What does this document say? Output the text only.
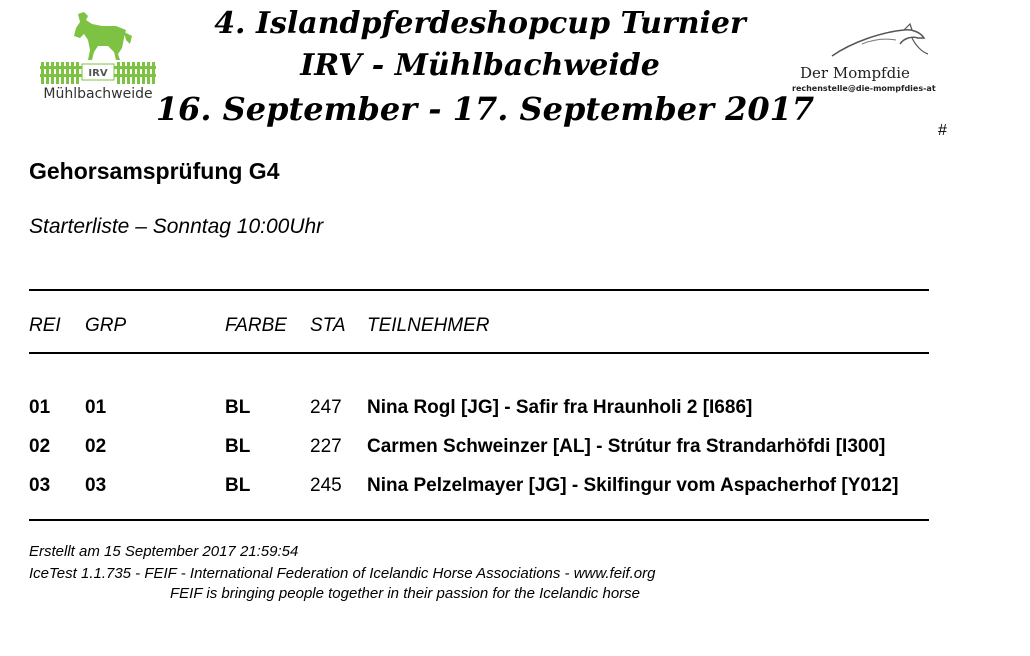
IRV
Mühlbachweide
4. Islandpferdeshopcup Turnier
IRV - Mühlbachweide
16. September - 17. September 2017
Der Mompfdie
rechenstelle@die-mompfdies-at
#
Gehorsamsprüfung G4
Starterliste – Sonntag 10:00Uhr
REI GRP	FARBE STA TEILNEHMER
01 01	BL	247 Nina Rogl [JG] - Safir fra Hraunholi 2 [I686]
02 02	BL	227 Carmen Schweinzer [AL] - Strútur fra Strandarhöfdi [I300]
03 03	BL	245 Nina Pelzelmayer [JG] - Skilfingur vom Aspacherhof [Y012]
Erstellt am 15 September 2017 21:59:54
IceTest 1.1.735 - FEIF - International Federation of Icelandic Horse Associations - www.feif.org
FEIF is bringing people together in their passion for the Icelandic horse
